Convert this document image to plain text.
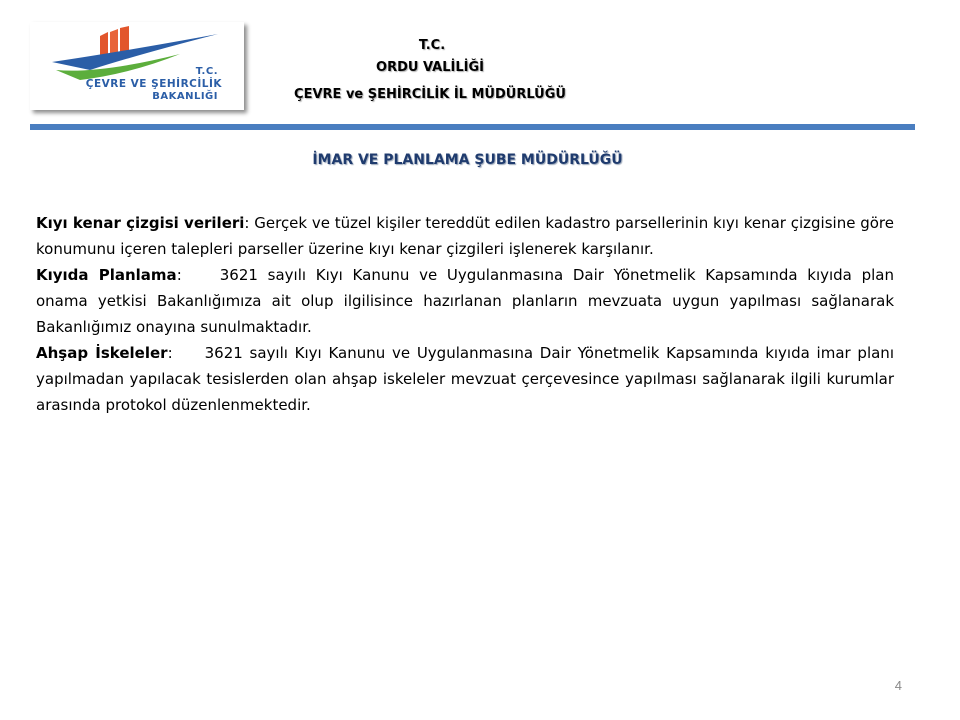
T.C.
ÇEVRE VE ŞEHİRCİLİK
BAKANLIĞI
T.C.
ORDU VALİLİĞİ
ÇEVRE ve ŞEHİRCİLİK İL MÜDÜRLÜĞÜ
İMAR VE PLANLAMA ŞUBE MÜDÜRLÜĞÜ

Kıyı kenar çizgisi verileri: Gerçek ve tüzel kişiler tereddüt edilen kadastro parsellerinin kıyı kenar çizgisine göre konumunu içeren talepleri parseller üzerine kıyı kenar çizgileri işlenerek karşılanır.

Kıyıda Planlama:	3621 sayılı Kıyı Kanunu ve Uygulanmasına Dair Yönetmelik Kapsamında kıyıda plan onama yetkisi Bakanlığımıza ait olup ilgilisince hazırlanan planların mevzuata uygun yapılması sağlanarak Bakanlığımız onayına sunulmaktadır.

Ahşap İskeleler: 3621 sayılı Kıyı Kanunu ve Uygulanmasına Dair Yönetmelik Kapsamında kıyıda imar planı yapılmadan yapılacak tesislerden olan ahşap iskeleler mevzuat çerçevesince yapılması sağlanarak ilgili kurumlar arasında protokol düzenlenmektedir.

4
